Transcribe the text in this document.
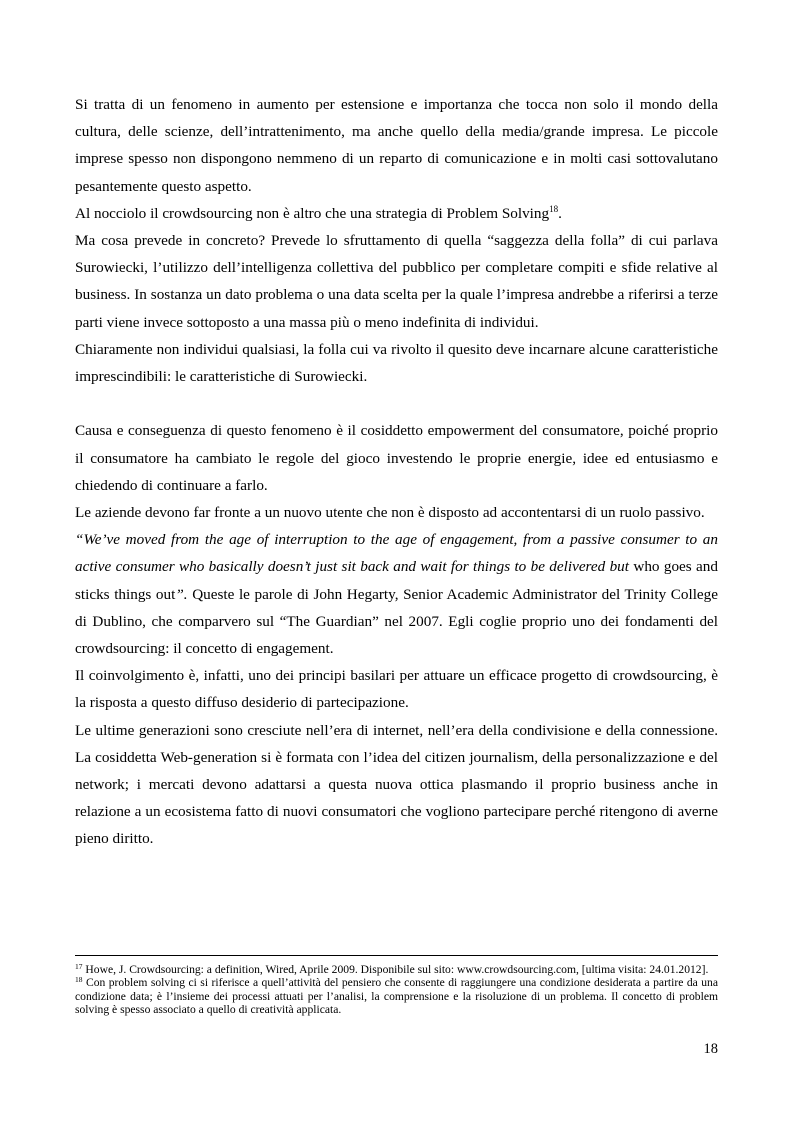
Si tratta di un fenomeno in aumento per estensione e importanza che tocca non solo il mondo della cultura, delle scienze, dell’intrattenimento, ma anche quello della media/grande impresa. Le piccole imprese spesso non dispongono nemmeno di un reparto di comunicazione e in molti casi sottovalutano pesantemente questo aspetto.

Al nocciolo il crowdsourcing non è altro che una strategia di Problem Solving$^{18}$.

Ma cosa prevede in concreto? Prevede lo sfruttamento di quella “saggezza della folla” di cui parlava Surowiecki, l’utilizzo dell’intelligenza collettiva del pubblico per completare compiti e sfide relative al business. In sostanza un dato problema o una data scelta per la quale l’impresa andrebbe a riferirsi a terze parti viene invece sottoposto a una massa più o meno indefinita di individui.

Chiaramente non individui qualsiasi, la folla cui va rivolto il quesito deve incarnare alcune caratteristiche imprescindibili: le caratteristiche di Surowiecki.

Causa e conseguenza di questo fenomeno è il cosiddetto empowerment del consumatore, poiché proprio il consumatore ha cambiato le regole del gioco investendo le proprie energie, idee ed entusiasmo e chiedendo di continuare a farlo.

Le aziende devono far fronte a un nuovo utente che non è disposto ad accontentarsi di un ruolo passivo.

“We’ve moved from the age of interruption to the age of engagement, from a passive consumer to an active consumer who basically doesn’t just sit back and wait for things to be delivered but who goes and sticks things out”. Queste le parole di John Hegarty, Senior Academic Administrator del Trinity College di Dublino, che comparvero sul “The Guardian” nel 2007. Egli coglie proprio uno dei fondamenti del crowdsourcing: il concetto di engagement.

Il coinvolgimento è, infatti, uno dei principi basilari per attuare un efficace progetto di crowdsourcing, è la risposta a questo diffuso desiderio di partecipazione.

Le ultime generazioni sono cresciute nell’era di internet, nell’era della condivisione e della connessione. La cosiddetta Web-generation si è formata con l’idea del citizen journalism, della personalizzazione e del network; i mercati devono adattarsi a questa nuova ottica plasmando il proprio business anche in relazione a un ecosistema fatto di nuovi consumatori che vogliono partecipare perché ritengono di averne pieno diritto.

$^{17}$ Howe, J. Crowdsourcing: a definition, Wired, Aprile 2009. Disponibile sul sito: www.crowdsourcing.com, [ultima visita: 24.01.2012].

$^{18}$ Con problem solving ci si riferisce a quell’attività del pensiero che consente di raggiungere una condizione desiderata a partire da una condizione data; è l’insieme dei processi attuati per l’analisi, la comprensione e la risoluzione di un problema. Il concetto di problem solving è spesso associato a quello di creatività applicata.

18
